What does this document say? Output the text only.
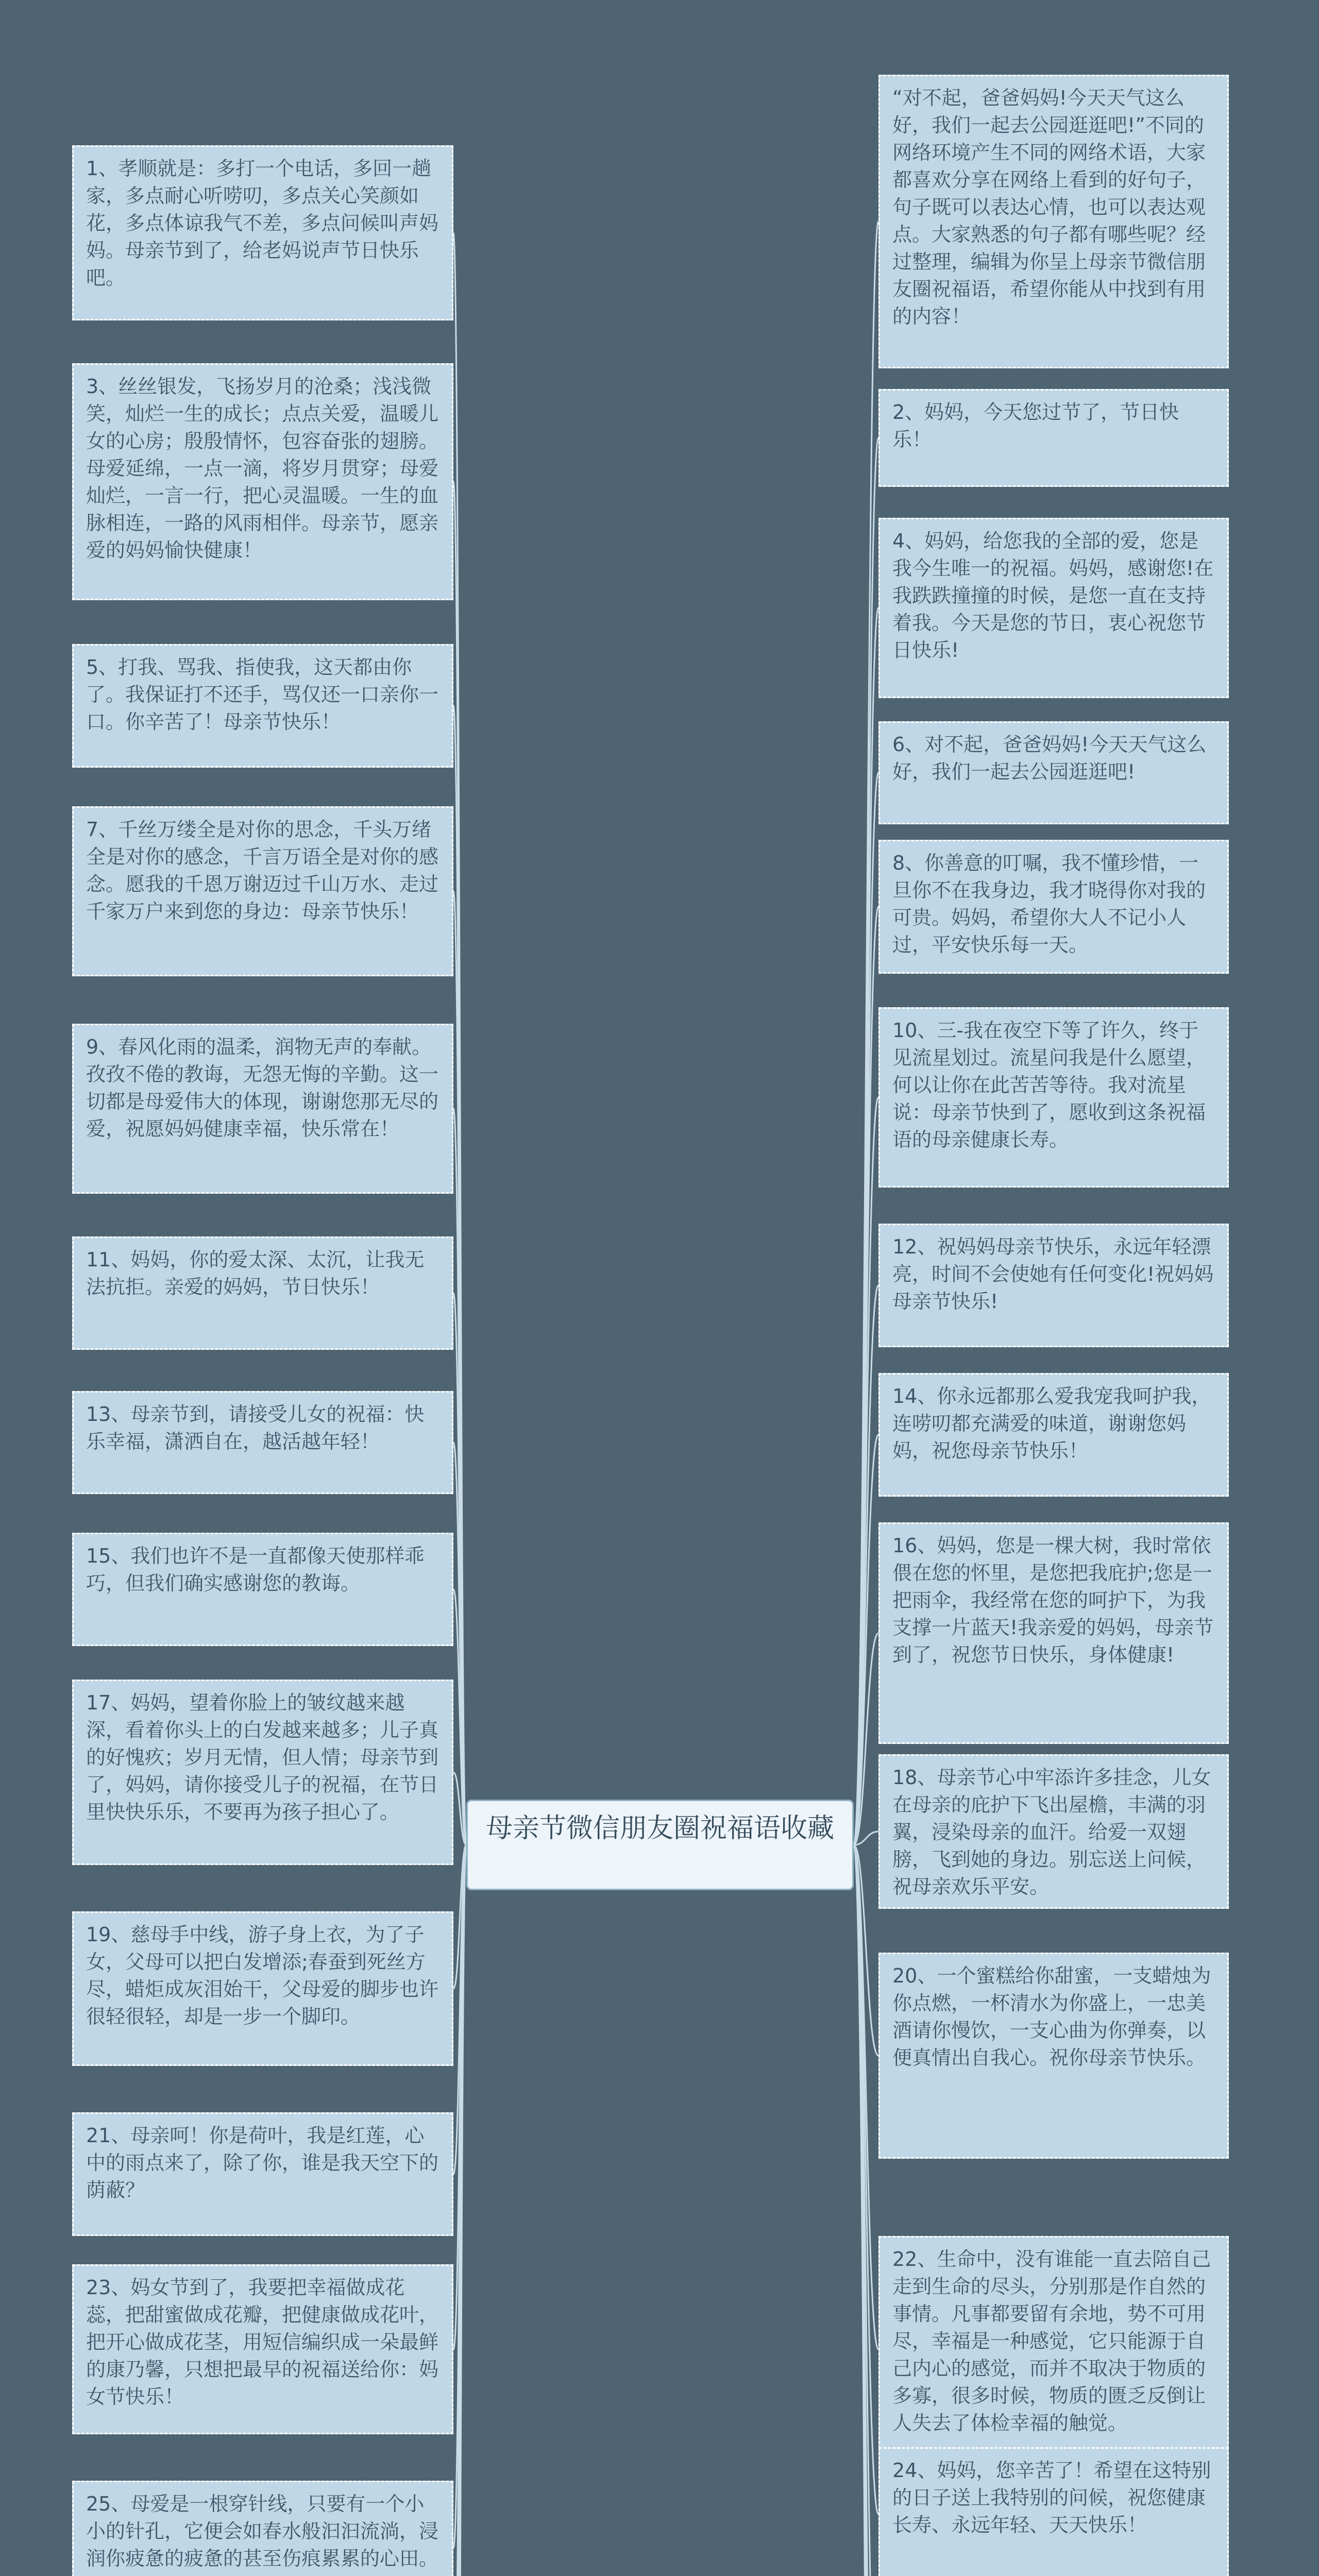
1、孝顺就是：多打一个电话，多回一趟家，多点耐心听唠叨，多点关心笑颜如花，多点体谅我气不差，多点问候叫声妈妈。母亲节到了，给老妈说声节日快乐吧。
3、丝丝银发，飞扬岁月的沧桑；浅浅微笑，灿烂一生的成长；点点关爱，温暖儿女的心房；殷殷情怀，包容奋张的翅膀。母爱延绵，一点一滴，将岁月贯穿；母爱灿烂，一言一行，把心灵温暖。一生的血脉相连，一路的风雨相伴。母亲节，愿亲爱的妈妈愉快健康！
5、打我、骂我、指使我，这天都由你了。我保证打不还手，骂仅还一口亲你一口。你辛苦了！母亲节快乐！
7、千丝万缕全是对你的思念，千头万绪全是对你的感念，千言万语全是对你的感念。愿我的千恩万谢迈过千山万水、走过千家万户来到您的身边：母亲节快乐！
9、春风化雨的温柔，润物无声的奉献。孜孜不倦的教诲，无怨无悔的辛勤。这一切都是母爱伟大的体现，谢谢您那无尽的爱，祝愿妈妈健康幸福，快乐常在！
11、妈妈，你的爱太深、太沉，让我无法抗拒。亲爱的妈妈，节日快乐！
13、母亲节到，请接受儿女的祝福：快乐幸福，潇洒自在，越活越年轻！
15、我们也许不是一直都像天使那样乖巧，但我们确实感谢您的教诲。
17、妈妈，望着你脸上的皱纹越来越深，看着你头上的白发越来越多；儿子真的好愧疚；岁月无情，但人情；母亲节到了，妈妈，请你接受儿子的祝福，在节日里快快乐乐，不要再为孩子担心了。
19、慈母手中线，游子身上衣，为了子女，父母可以把白发增添;春蚕到死丝方尽，蜡炬成灰泪始干，父母爱的脚步也许很轻很轻，却是一步一个脚印。
21、母亲呵！你是荷叶，我是红莲，心中的雨点来了，除了你，谁是我天空下的荫蔽？
23、妈女节到了，我要把幸福做成花蕊，把甜蜜做成花瓣，把健康做成花叶，把开心做成花茎，用短信编织成一朵最鲜的康乃馨，只想把最早的祝福送给你：妈女节快乐！
25、母爱是一根穿针线，只要有一个小小的针孔，它便会如春水般汩汩流淌，浸润你疲惫的疲惫的甚至伤痕累累的心田。
“对不起，爸爸妈妈!今天天气这么好，我们一起去公园逛逛吧!”不同的网络环境产生不同的网络术语，大家都喜欢分享在网络上看到的好句子，句子既可以表达心情，也可以表达观点。大家熟悉的句子都有哪些呢？经过整理，编辑为你呈上母亲节微信朋友圈祝福语，希望你能从中找到有用的内容！
2、妈妈，今天您过节了，节日快乐！
4、妈妈，给您我的全部的爱，您是我今生唯一的祝福。妈妈，感谢您!在我跌跌撞撞的时候，是您一直在支持着我。今天是您的节日，衷心祝您节日快乐!
6、对不起，爸爸妈妈!今天天气这么好，我们一起去公园逛逛吧!
8、你善意的叮嘱，我不懂珍惜，一旦你不在我身边，我才晓得你对我的可贵。妈妈，希望你大人不记小人过，平安快乐每一天。
10、三-我在夜空下等了许久，终于见流星划过。流星问我是什么愿望，何以让你在此苦苦等待。我对流星说：母亲节快到了，愿收到这条祝福语的母亲健康长寿。
12、祝妈妈母亲节快乐，永远年轻漂亮，时间不会使她有任何变化!祝妈妈母亲节快乐!
14、你永远都那么爱我宠我呵护我，连唠叨都充满爱的味道，谢谢您妈妈，祝您母亲节快乐！
16、妈妈，您是一棵大树，我时常依偎在您的怀里，是您把我庇护;您是一把雨伞，我经常在您的呵护下，为我支撑一片蓝天!我亲爱的妈妈，母亲节到了，祝您节日快乐，身体健康!
18、母亲节心中牢添许多挂念，儿女在母亲的庇护下飞出屋檐，丰满的羽翼，浸染母亲的血汗。给爱一双翅膀，飞到她的身边。别忘送上问候，祝母亲欢乐平安。
20、一个蜜糕给你甜蜜，一支蜡烛为你点燃，一杯清水为你盛上，一忠美酒请你慢饮，一支心曲为你弹奏，以便真情出自我心。祝你母亲节快乐。
22、生命中，没有谁能一直去陪自己走到生命的尽头，分别那是作自然的事情。凡事都要留有余地，势不可用尽，幸福是一种感觉，它只能源于自己内心的感觉，而并不取决于物质的多寡，很多时候，物质的匮乏反倒让人失去了体检幸福的触觉。
24、妈妈，您辛苦了！希望在这特别的日子送上我特别的问候，祝您健康长寿、永远年轻、天天快乐！
母亲节微信朋友圈祝福语收藏
